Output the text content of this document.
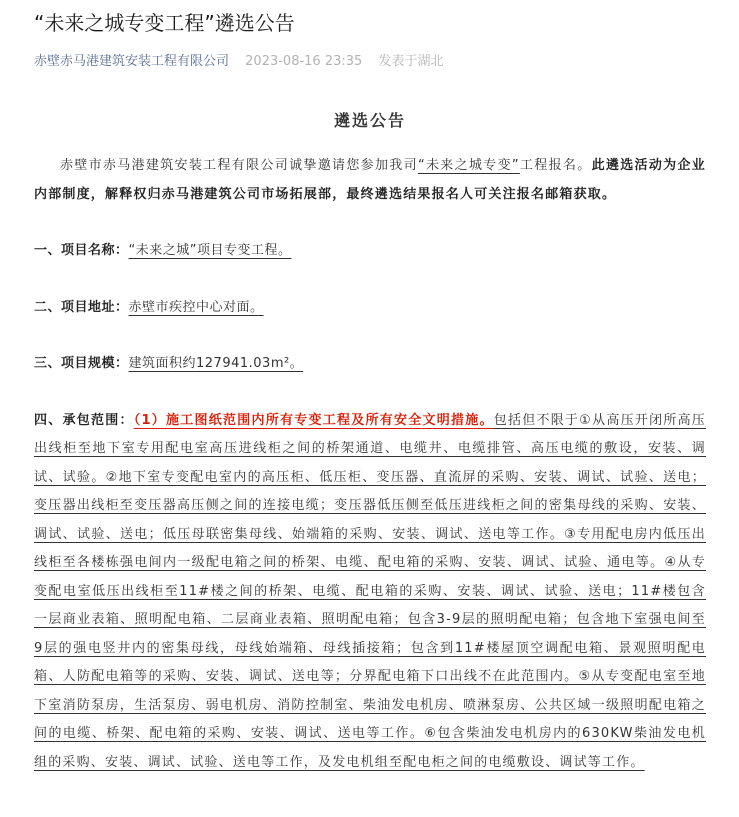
“未来之城专变工程”遴选公告
赤壁赤马港建筑安装工程有限公司 2023-08-16 23:35 发表于湖北
遴选公告

赤壁市赤马港建筑安装工程有限公司诚挚邀请您参加我司“未来之城专变”工程报名。此遴选活动为企业内部制度，解释权归赤马港建筑公司市场拓展部，最终遴选结果报名人可关注报名邮箱获取。

一、项目名称：“未来之城”项目专变工程。

二、项目地址：赤壁市疾控中心对面。

三、项目规模：建筑面积约127941.03m²。

四、承包范围：（1）施工图纸范围内所有专变工程及所有安全文明措施。包括但不限于①从高压开闭所高压出线柜至地下室专用配电室高压进线柜之间的桥架通道、电缆井、电缆排管、高压电缆的敷设，安装、调试、试验。②地下室专变配电室内的高压柜、低压柜、变压器、直流屏的采购、安装、调试、试验、送电；变压器出线柜至变压器高压侧之间的连接电缆；变压器低压侧至低压进线柜之间的密集母线的采购、安装、调试、试验、送电；低压母联密集母线、始端箱的采购、安装、调试、送电等工作。③专用配电房内低压出线柜至各楼栋强电间内一级配电箱之间的桥架、电缆、配电箱的采购、安装、调试、试验、通电等。④从专变配电室低压出线柜至11#楼之间的桥架、电缆、配电箱的采购、安装、调试、试验、送电；11#楼包含一层商业表箱、照明配电箱、二层商业表箱、照明配电箱；包含3-9层的照明配电箱；包含地下室强电间至9层的强电竖井内的密集母线，母线始端箱、母线插接箱；包含到11#楼屋顶空调配电箱、景观照明配电箱、人防配电箱等的采购、安装、调试、送电等；分界配电箱下口出线不在此范围内。⑤从专变配电室至地下室消防泵房，生活泵房、弱电机房、消防控制室、柴油发电机房、喷淋泵房、公共区域一级照明配电箱之间的电缆、桥架、配电箱的采购、安装、调试、送电等工作。⑥包含柴油发电机房内的630KW柴油发电机组的采购、安装、调试、试验、送电等工作，及发电机组至配电柜之间的电缆敷设、调试等工作。
